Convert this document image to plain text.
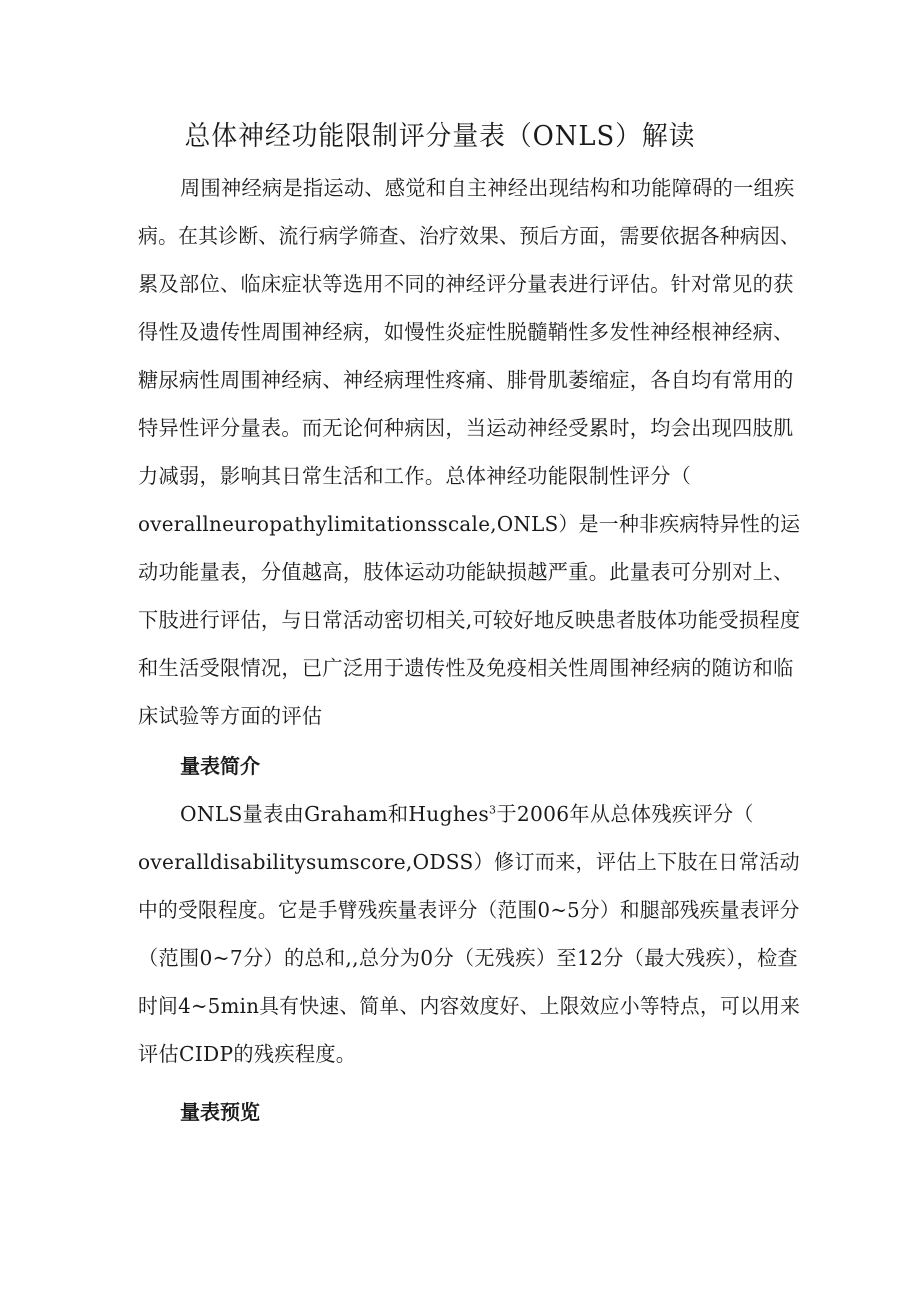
总体神经功能限制评分量表（ONLS）解读
周围神经病是指运动、感觉和自主神经出现结构和功能障碍的一组疾
病。在其诊断、流行病学筛查、治疗效果、预后方面，需要依据各种病因、
累及部位、临床症状等选用不同的神经评分量表进行评估。针对常见的获
得性及遗传性周围神经病，如慢性炎症性脱髓鞘性多发性神经根神经病、
糖尿病性周围神经病、神经病理性疼痛、腓骨肌萎缩症，各自均有常用的
特异性评分量表。而无论何种病因，当运动神经受累时，均会出现四肢肌
力减弱，影响其日常生活和工作。总体神经功能限制性评分（
overallneuropathylimitationsscale,ONLS）是一种非疾病特异性的运
动功能量表，分值越高，肢体运动功能缺损越严重。此量表可分别对上、
下肢进行评估，与日常活动密切相关,可较好地反映患者肢体功能受损程度
和生活受限情况，已广泛用于遗传性及免疫相关性周围神经病的随访和临
床试验等方面的评估
量表简介
ONLS量表由Graham和Hughes$^3$于2006年从总体残疾评分（
overalldisabilitysumscore,ODSS）修订而来，评估上下肢在日常活动
中的受限程度。它是手臂残疾量表评分（范围0~5分）和腿部残疾量表评分
（范围0~7分）的总和,,总分为0分（无残疾）至12分（最大残疾），检查
时间4~5min具有快速、简单、内容效度好、上限效应小等特点，可以用来
评估CIDP的残疾程度。
量表预览
